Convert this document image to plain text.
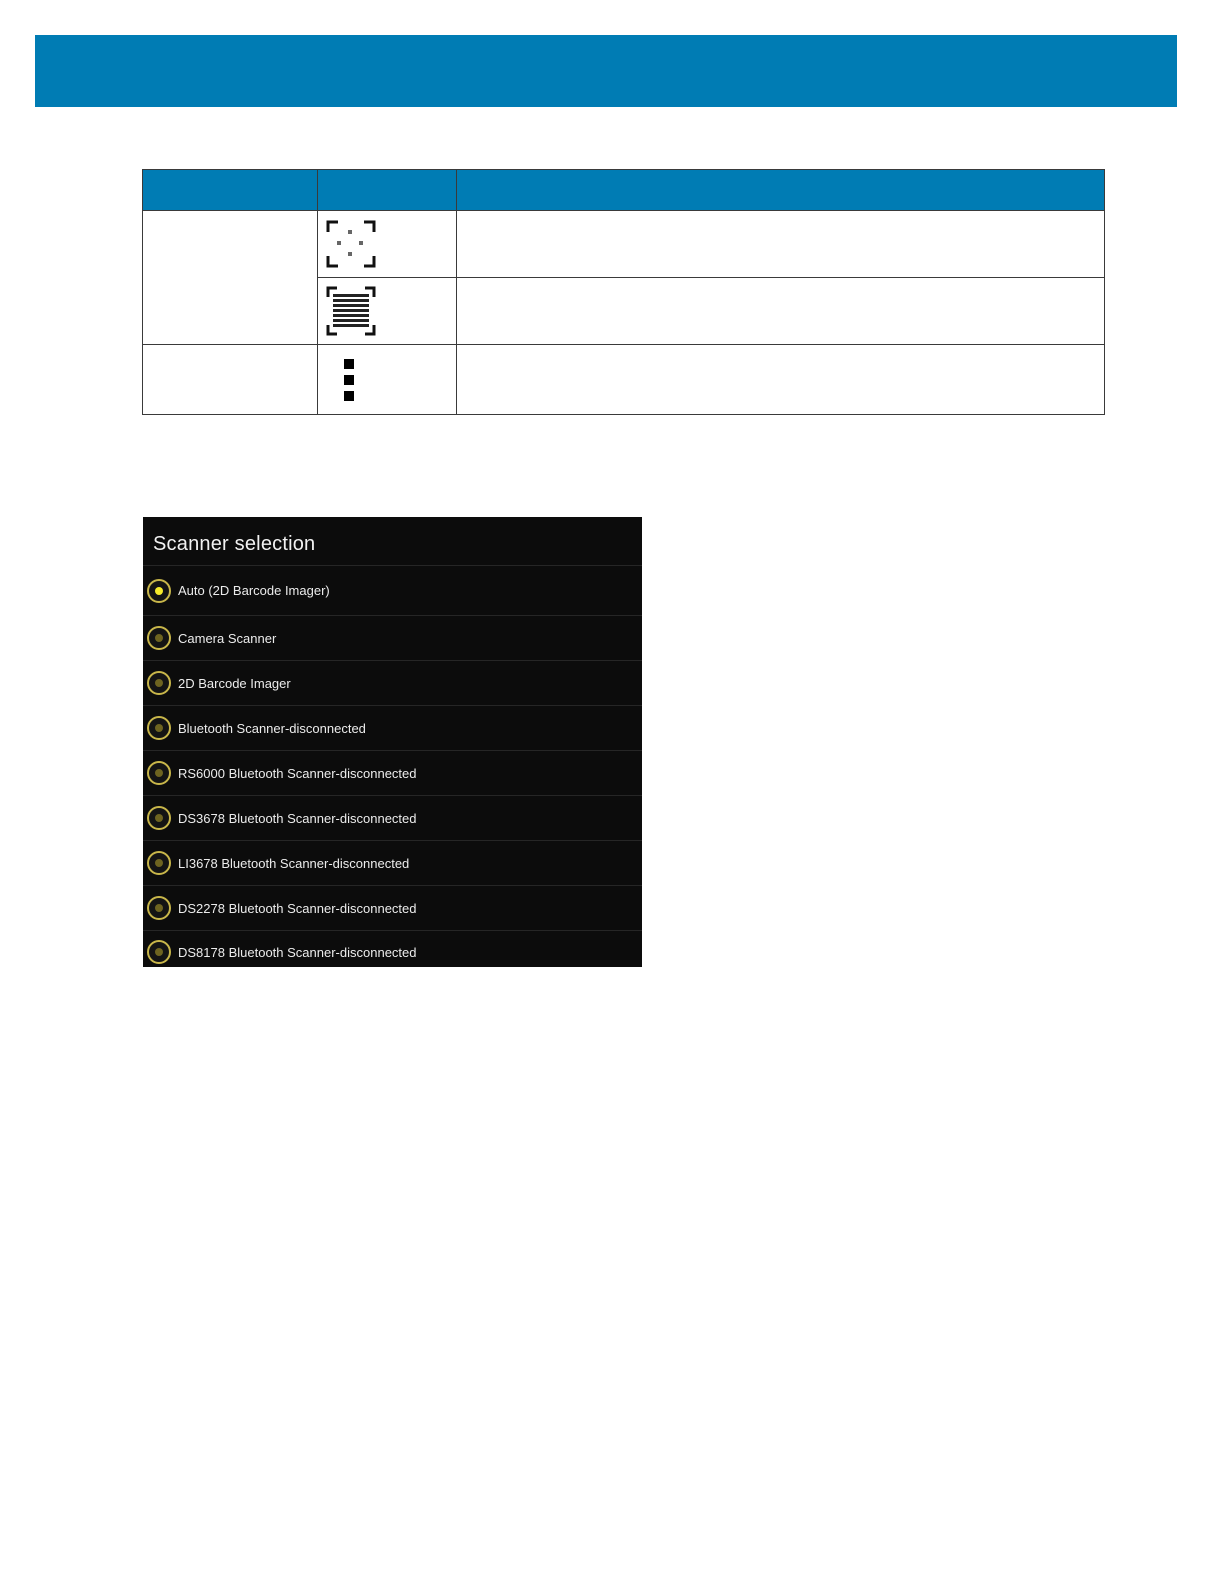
Scanner selection
Auto (2D Barcode Imager)
Camera Scanner
2D Barcode Imager
Bluetooth Scanner-disconnected
RS6000 Bluetooth Scanner-disconnected
DS3678 Bluetooth Scanner-disconnected
LI3678 Bluetooth Scanner-disconnected
DS2278 Bluetooth Scanner-disconnected
DS8178 Bluetooth Scanner-disconnected
